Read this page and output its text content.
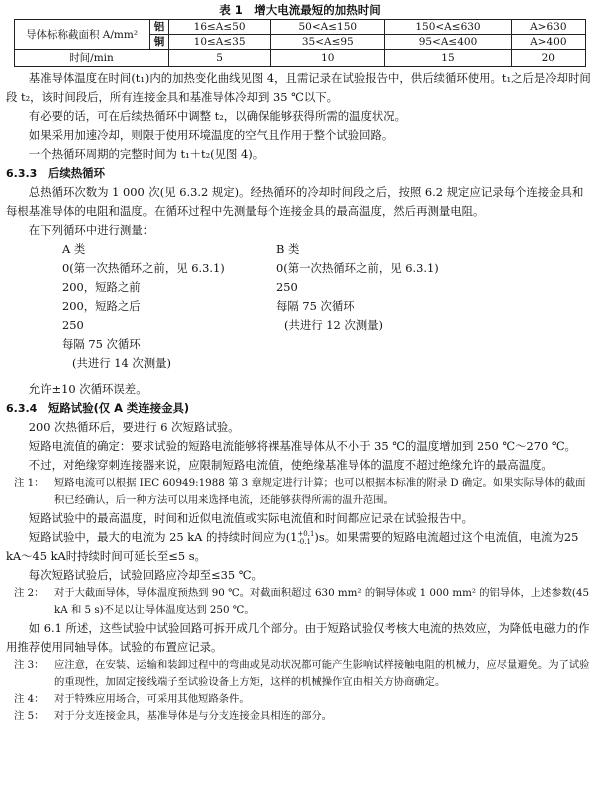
表 1　增大电流最短的加热时间
导体标称截面积 A/mm²	铝	16≤A≤50	50<A≤150	150<A≤630	A>630
	铜	10≤A≤35	35<A≤95	95<A≤400	A>400
时间/min		5	10	15	20

基准导体温度在时间(t₁)内的加热变化曲线见图 4，且需记录在试验报告中，供后续循环使用。t₁之后是冷却时间段 t₂，该时间段后，所有连接金具和基准导体冷却到 35 ℃以下。

有必要的话，可在后续热循环中调整 t₂，以确保能够获得所需的温度状况。

如果采用加速冷却，则限于使用环境温度的空气且作用于整个试验回路。

一个热循环周期的完整时间为 t₁＋t₂(见图 4)。

6.3.3 后续热循环

总热循环次数为 1 000 次(见 6.3.2 规定)。经热循环的冷却时间段之后，按照 6.2 规定应记录每个连接金具和每根基准导体的电阻和温度。在循环过程中先测量每个连接金具的最高温度，然后再测量电阻。

在下列循环中进行测量：

A 类
0(第一次热循环之前，见 6.3.1)
200，短路之前
200，短路之后
250
每隔 75 次循环
(共进行 14 次测量)
B 类
0(第一次热循环之前，见 6.3.1)
250
每隔 75 次循环
(共进行 12 次测量)

允许±10 次循环误差。

6.3.4 短路试验(仅 A 类连接金具)

200 次热循环后，要进行 6 次短路试验。

短路电流值的确定：要求试验的短路电流能够将裸基准导体从不小于 35 ℃的温度增加到 250 ℃～270 ℃。

不过，对绝缘穿刺连接器来说，应限制短路电流值，使绝缘基准导体的温度不超过绝缘允许的最高温度。

注 1： 短路电流可以根据 IEC 60949:1988 第 3 章规定进行计算；也可以根据本标准的附录 D 确定。如果实际导体的截面积已经确认，后一种方法可以用来选择电流，还能够获得所需的温升范围。

短路试验中的最高温度，时间和近似电流值或实际电流值和时间都应记录在试验报告中。

短路试验中，最大的电流为 25 kA 的持续时间应为(1 +0.1
-0.1 )s。如果需要的短路电流超过这个电流值，电流为25 kA～45 kA时持续时间可延长至≤5 s。

每次短路试验后，试验回路应冷却至≤35 ℃。

注 2： 对于大截面导体，导体温度预热到 90 ℃。对截面积超过 630 mm² 的铜导体或 1 000 mm² 的铝导体，上述参数(45 kA 和 5 s)不足以让导体温度达到 250 ℃。

如 6.1 所述，这些试验中试验回路可拆开成几个部分。由于短路试验仅考核大电流的热效应，为降低电磁力的作用推荐使用同轴导体。试验的布置应记录。

注 3： 应注意，在安装、运输和装卸过程中的弯曲或晃动状况都可能产生影响试样接触电阻的机械力，应尽量避免。为了试验的重现性，加固定接线端子至试验设备上方矩，这样的机械操作宜由相关方协商确定。

注 4： 对于特殊应用场合，可采用其他短路条件。

注 5： 对于分支连接金具，基准导体是与分支连接金具相连的部分。
